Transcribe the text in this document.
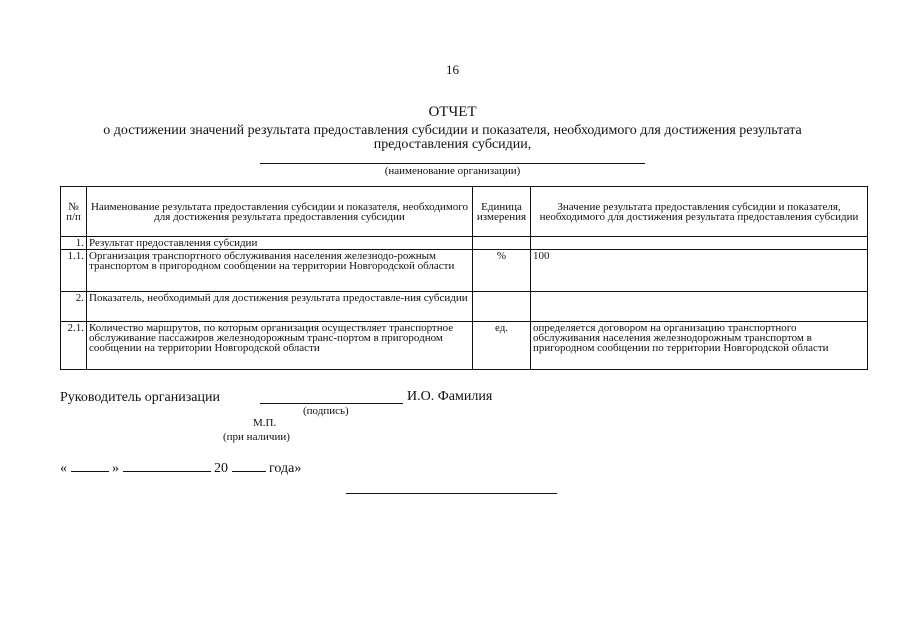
16
ОТЧЕТ
о достижении значений результата предоставления субсидии и показателя, необходимого для достижения результата предоставления субсидии,
(наименование организации)
№ п/п	Наименование результата предоставления субсидии и показателя, необходимого для достижения результата предоставления субсидии	Единица измерения	Значение результата предоставления субсидии и показателя, необходимого для достижения результата предоставления субсидии
1.	Результат предоставления субсидии		
1.1.	Организация транспортного обслуживания населения железнодо-рожным транспортом в пригородном сообщении на территории Новгородской области	%	100
2.	Показатель, необходимый для достижения результата предоставле-ния субсидии		
2.1.	Количество маршрутов, по которым организация осуществляет транспортное обслуживание пассажиров железнодорожным транс-портом в пригородном сообщении на территории Новгородской области	ед.	определяется договором на организацию транспортного обслуживания населения железнодорожным транспортом в пригородном сообщении по территории Новгородской области
Руководитель организации	И.О. Фамилия
(подпись)
М.П.
(при наличии)
«	»	20	года»
